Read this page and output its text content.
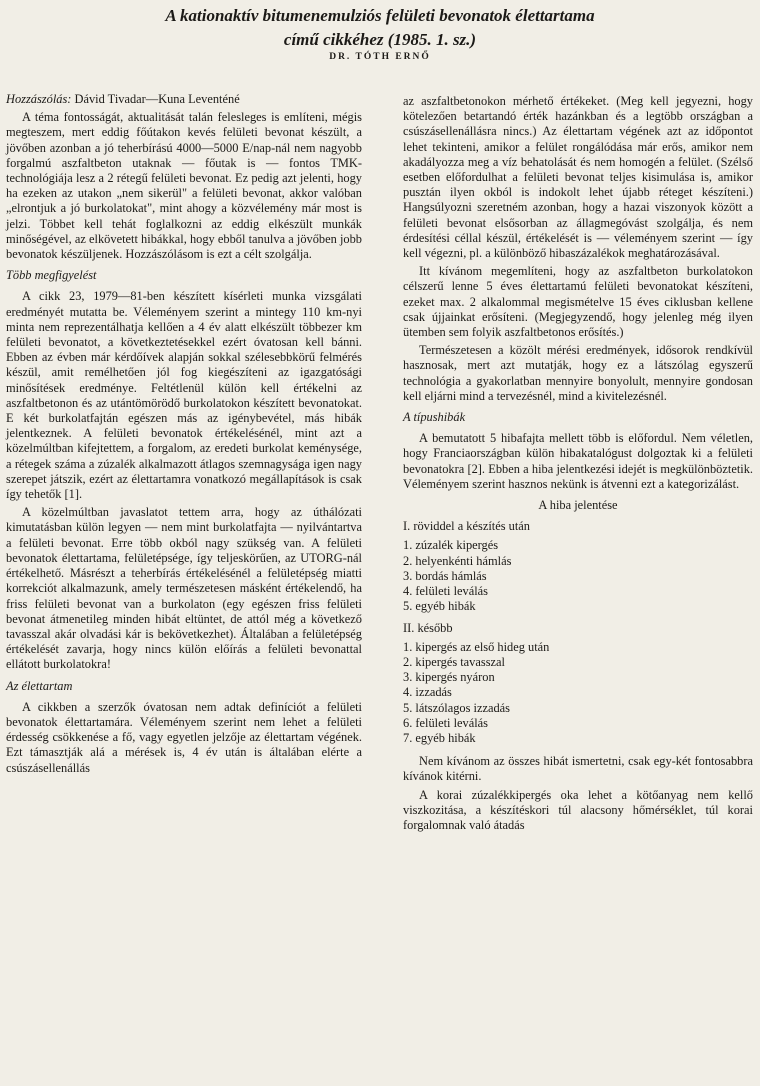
A kationaktív bitumenemulziós felületi bevonatok élettartama
című cikkéhez (1985. 1. sz.)
DR. TÓTH ERNŐ

Hozzászólás: Dávid Tivadar—Kuna Leventéné

A téma fontosságát, aktualitását talán felesleges is említeni, mégis megteszem, mert eddig főútakon kevés felületi bevonat készült, a jövőben azonban a jó teherbírású 4000—5000 E/nap-nál nem nagyobb forgalmú aszfaltbeton utaknak — főutak is — fontos TMK-technológiája lesz a 2 rétegű felületi bevonat. Ez pedig azt jelenti, hogy ha ezeken az utakon „nem sikerül" a felületi bevonat, akkor valóban „elrontjuk a jó burkolatokat", mint ahogy a közvélemény már most is jelzi. Többet kell tehát foglalkozni az eddig elkészült munkák minőségével, az elkövetett hibákkal, hogy ebből tanulva a jövőben jobb bevonatok készüljenek. Hozzászólásom is ezt a célt szolgálja.

Több megfigyelést

A cikk 23, 1979—81-ben készített kísérleti munka vizsgálati eredményét mutatta be. Véleményem szerint a mintegy 110 km-nyi minta nem reprezentálhatja kellően a 4 év alatt elkészült többezer km felületi bevonatot, a következtetésekkel ezért óvatosan kell bánni. Ebben az évben már kérdőívek alapján sokkal szélesebbkörű felmérés készül, amit remélhetően jól fog kiegészíteni az igazgatósági minősítések eredménye. Feltétlenül külön kell értékelni az aszfaltbetonon és az utántömörödő burkolatokon készített bevonatokat. E két burkolatfajtán egészen más az igénybevétel, más hibák jelentkeznek. A felületi bevonatok értékelésénél, mint azt a közelmúltban kifejtettem, a forgalom, az eredeti burkolat keménysége, a rétegek száma a zúzalék alkalmazott átlagos szemnagysága igen nagy szerepet játszik, ezért az élettartamra vonatkozó megállapítások is csak így tehetők [1].

A közelmúltban javaslatot tettem arra, hogy az úthálózati kimutatásban külön legyen — nem mint burkolatfajta — nyilvántartva a felületi bevonat. Erre több okból nagy szükség van. A felületi bevonatok élettartama, felületépsége, így teljeskörűen, az UTORG-nál értékelhető. Másrészt a teherbírás értékelésénél a felületépség miatti korrekciót alkalmazunk, amely természetesen másként értékelendő, ha friss felületi bevonat van a burkolaton (egy egészen friss felületi bevonat átmenetileg minden hibát eltüntet, de attól még a következő tavasszal akár olvadási kár is bekövetkezhet). Általában a felületépség értékelését zavarja, hogy nincs külön előírás a felületi bevonattal ellátott burkolatokra!

Az élettartam

A cikkben a szerzők óvatosan nem adtak definíciót a felületi bevonatok élettartamára. Véleményem szerint nem lehet a felületi érdesség csökkenése a fő, vagy egyetlen jelzője az élettartam végének. Ezt támasztják alá a mérések is, 4 év után is általában elérte a csúszásellenállás

az aszfaltbetonokon mérhető értékeket. (Meg kell jegyezni, hogy kötelezően betartandó érték hazánkban és a legtöbb országban a csúszásellenállásra nincs.) Az élettartam végének azt az időpontot lehet tekinteni, amikor a felület rongálódása már erős, amikor nem akadályozza meg a víz behatolását és nem homogén a felület. (Szélső esetben előfordulhat a felületi bevonat teljes kisimulása is, amikor pusztán ilyen okból is indokolt lehet újabb réteget készíteni.) Hangsúlyozni szeretném azonban, hogy a hazai viszonyok között a felületi bevonat elsősorban az állagmegóvást szolgálja, és nem érdesítési céllal készül, értékelését is — véleményem szerint — így kell végezni, pl. a különböző hibaszázalékok meghatározásával.

Itt kívánom megemlíteni, hogy az aszfaltbeton burkolatokon célszerű lenne 5 éves élettartamú felületi bevonatokat készíteni, ezeket max. 2 alkalommal megismételve 15 éves ciklusban kellene csak újjainkat erősíteni. (Megjegyzendő, hogy jelenleg még ilyen ütemben sem folyik aszfaltbetonos erősítés.)

Természetesen a közölt mérési eredmények, idősorok rendkívül hasznosak, mert azt mutatják, hogy ez a látszólag egyszerű technológia a gyakorlatban mennyire bonyolult, mennyire gondosan kell eljárni mind a tervezésnél, mind a kivitelezésnél.

A típushibák

A bemutatott 5 hibafajta mellett több is előfordul. Nem véletlen, hogy Franciaországban külön hibakatalógust dolgoztak ki a felületi bevonatokra [2]. Ebben a hiba jelentkezési idejét is megkülönböztetik. Véleményem szerint hasznos nekünk is átvenni ezt a kategorizálást.

A hiba jelentése
I. röviddel a készítés után
1. zúzalék kipergés
2. helyenkénti hámlás
3. bordás hámlás
4. felületi leválás
5. egyéb hibák
II. később
1. kipergés az első hideg után
2. kipergés tavasszal
3. kipergés nyáron
4. izzadás
5. látszólagos izzadás
6. felületi leválás
7. egyéb hibák

Nem kívánom az összes hibát ismertetni, csak egy-két fontosabbra kívánok kitérni.

A korai zúzalékkipergés oka lehet a kötőanyag nem kellő viszkozitása, a készítéskori túl alacsony hőmérséklet, túl korai forgalomnak való átadás
